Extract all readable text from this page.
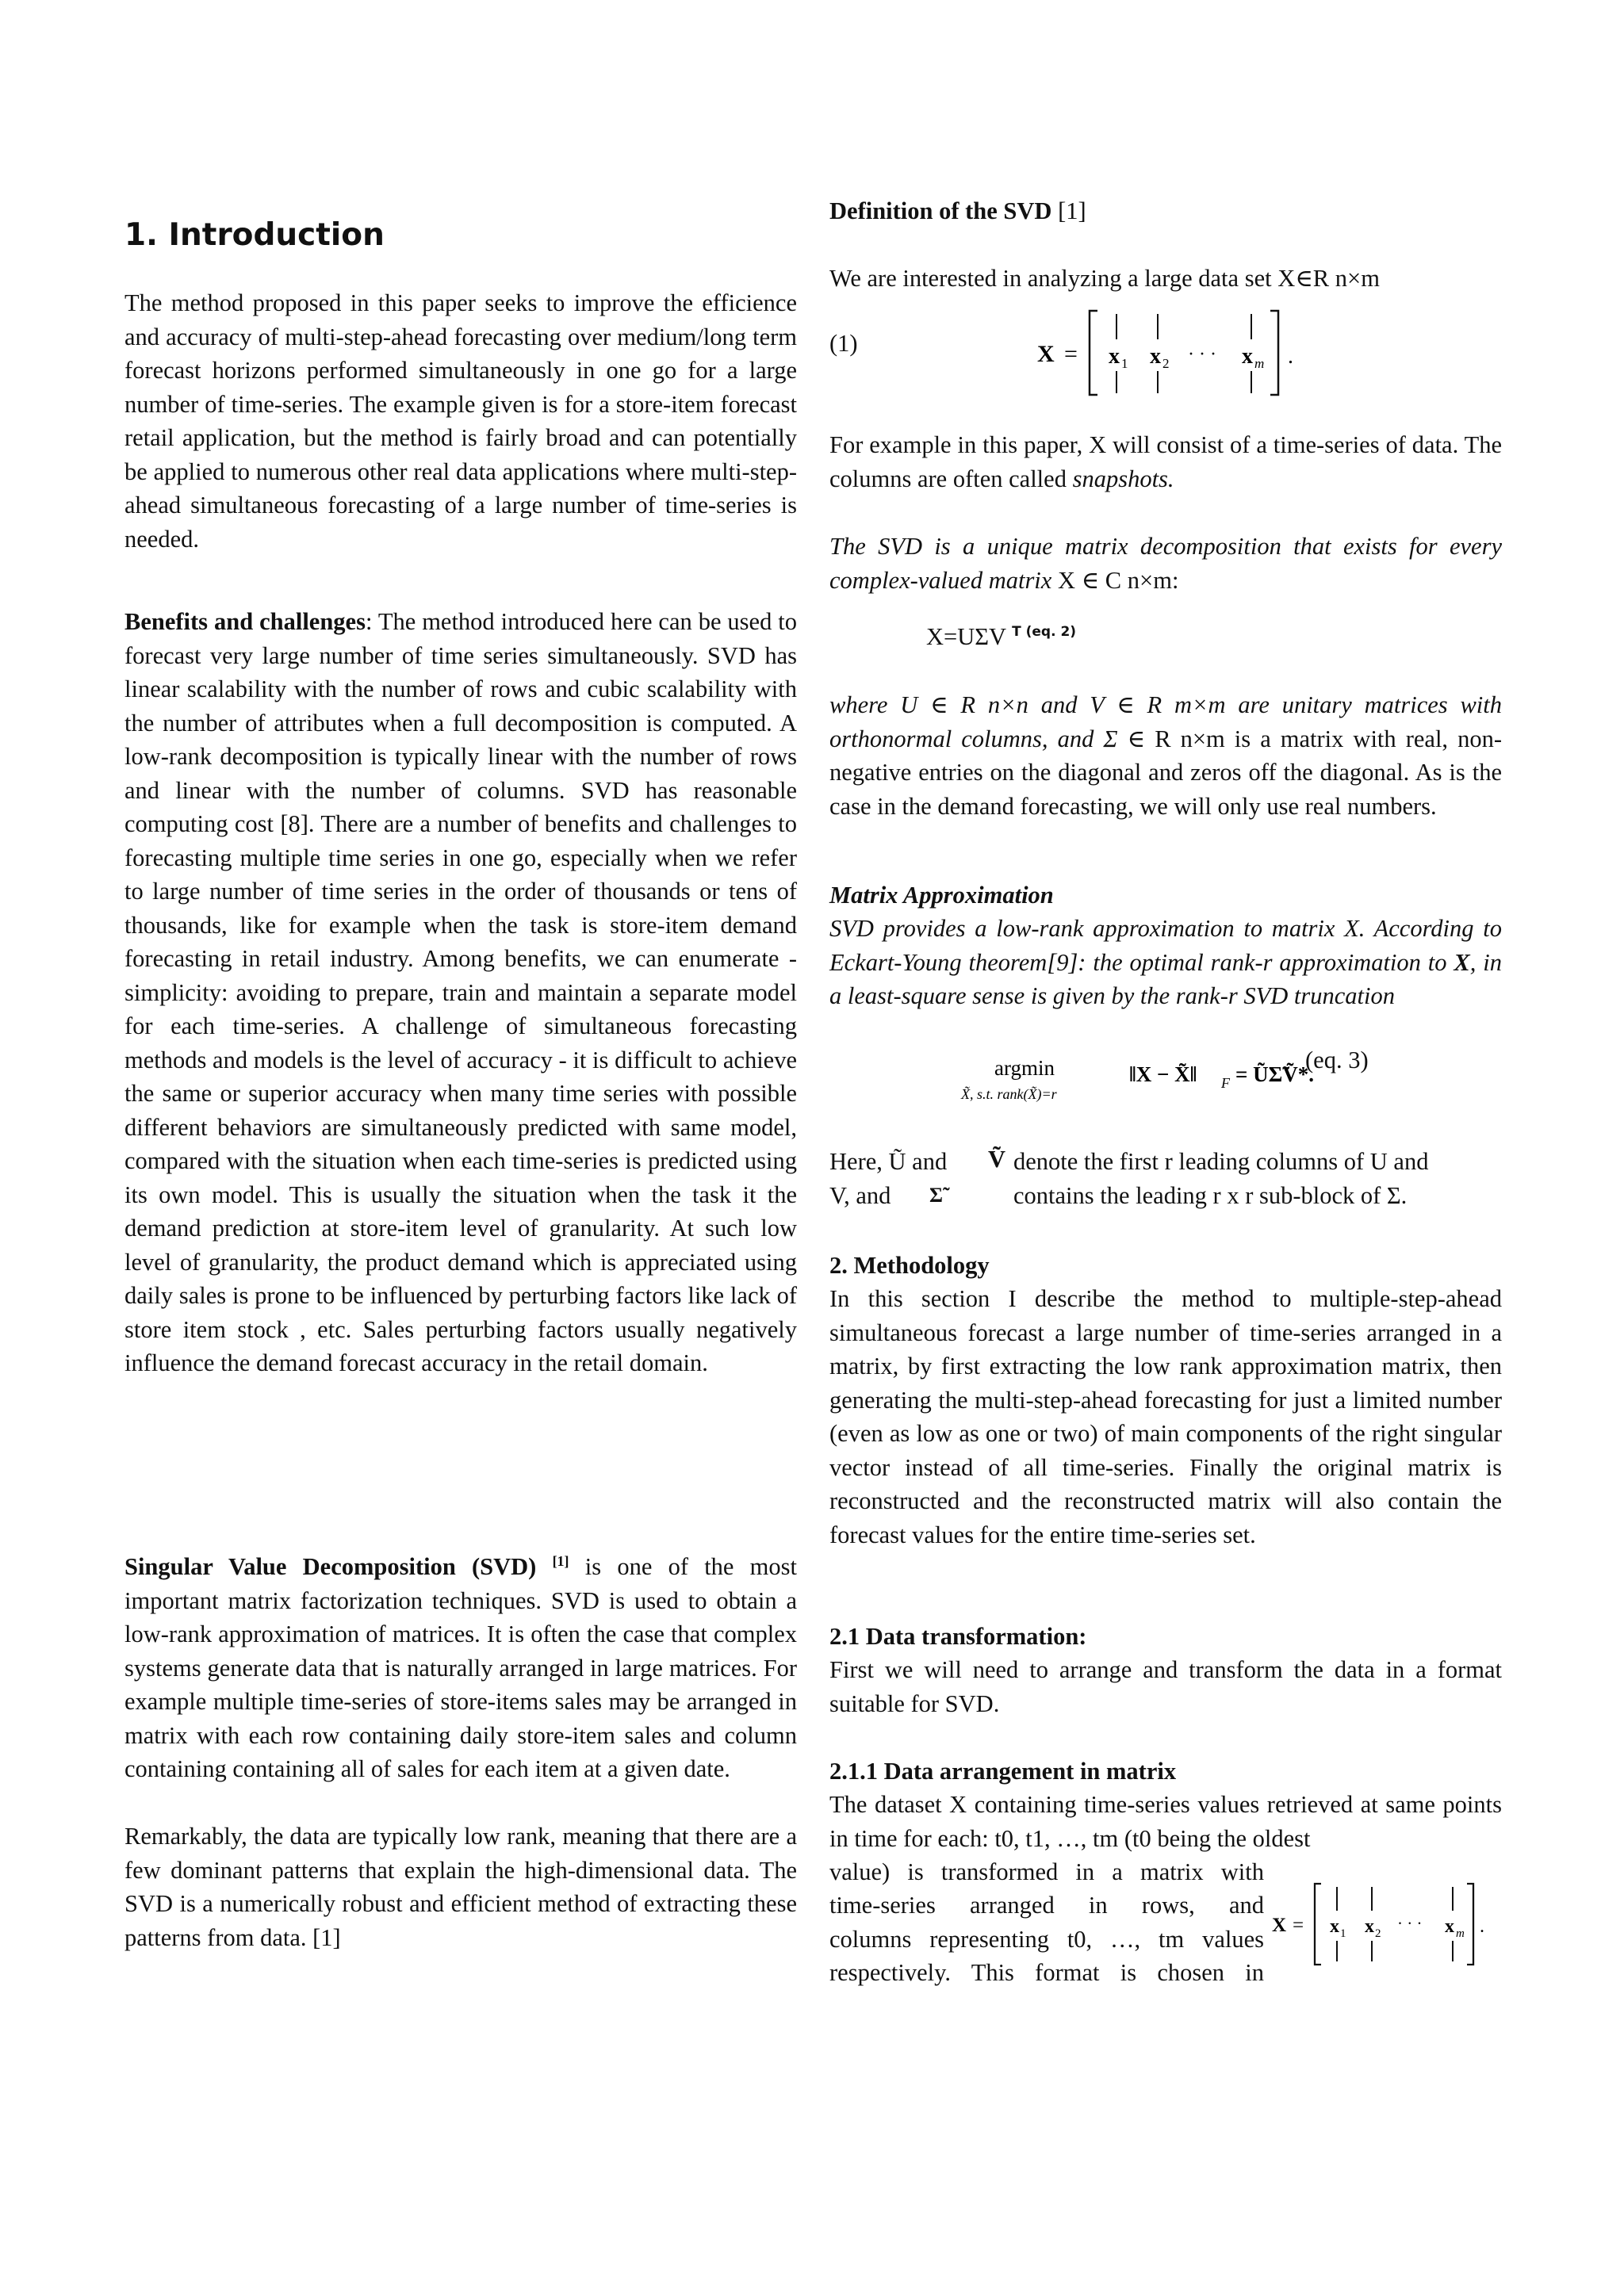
1. Introduction

The method proposed in this paper seeks to improve the efficience and accuracy of multi-step-ahead forecasting over medium/long term forecast horizons performed simultaneously in one go for a large number of time-series. The example given is for a store-item forecast retail application, but the method is fairly broad and can potentially be applied to numerous other real data applications where multi-step-ahead simultaneous forecasting of a large number of time-series is needed.

Benefits and challenges: The method introduced here can be used to forecast very large number of time series simultaneously. SVD has linear scalability with the number of rows and cubic scalability with the number of attributes when a full decomposition is computed. A low-rank decomposition is typically linear with the number of rows and linear with the number of columns. SVD has reasonable computing cost [8]. There are a number of benefits and challenges to forecasting multiple time series in one go, especially when we refer to large number of time series in the order of thousands or tens of thousands, like for example when the task is store-item demand forecasting in retail industry. Among benefits, we can enumerate - simplicity: avoiding to prepare, train and maintain a separate model for each time-series. A challenge of simultaneous forecasting methods and models is the level of accuracy - it is difficult to achieve the same or superior accuracy when many time series with possible different behaviors are simultaneously predicted with same model, compared with the situation when each time-series is predicted using its own model. This is usually the situation when the task it the demand prediction at store-item level of granularity. At such low level of granularity, the product demand which is appreciated using daily sales is prone to be influenced by perturbing factors like lack of store item stock , etc. Sales perturbing factors usually negatively influence the demand forecast accuracy in the retail domain.

Singular Value Decomposition (SVD) [1] is one of the most important matrix factorization techniques. SVD is used to obtain a low-rank approximation of matrices. It is often the case that complex systems generate data that is naturally arranged in large matrices. For example multiple time-series of store-items sales may be arranged in matrix with each row containing daily store-item sales and column containing containing all of sales for each item at a given date.

Remarkably, the data are typically low rank, meaning that there are a few dominant patterns that explain the high-dimensional data. The SVD is a numerically robust and efficient method of extracting these patterns from data. [1]

Definition of the SVD [1]

We are interested in analyzing a large data set X∈R n×m

(1)	X = x 1 x 2 · · · x m .

For example in this paper, X will consist of a time-series of data. The columns are often called snapshots.

The SVD is a unique matrix decomposition that exists for every complex-valued matrix X ∈ C n×m:

X=UΣV $^{T (eq. 2)}$

where U ∈ R n×n and V ∈ R m×m are unitary matrices with orthonormal columns, and Σ ∈ R n×m is a matrix with real, non-negative entries on the diagonal and zeros off the diagonal. As is the case in the demand forecasting, we will only use real numbers.

Matrix Approximation

SVD provides a low-rank approximation to matrix X. According to Eckart-Young theorem[9]: the optimal rank-r approximation to X, in a least-square sense is given by the rank-r SVD truncation

argmin
X̃, s.t. rank(X̃)=r
‖X − X̃‖ F = ŨΣ̃Ṽ*.
(eq. 3)
Here, Ũ and Ṽ denote the first r leading columns of U and
V, and Σ̃	contains the leading r x r sub-block of Σ.

2. Methodology

In this section I describe the method to multiple-step-ahead simultaneous forecast a large number of time-series arranged in a matrix, by first extracting the low rank approximation matrix, then generating the multi-step-ahead forecasting for just a limited number (even as low as one or two) of main components of the right singular vector instead of all time-series. Finally the original matrix is reconstructed and the reconstructed matrix will also contain the forecast values for the entire time-series set.

2.1 Data transformation:

First we will need to arrange and transform the data in a format suitable for SVD.

2.1.1 Data arrangement in matrix

The dataset X containing time-series values retrieved at same points in time for each: t0, t1, …, tm (t0 being the oldest

value) is transformed in a matrix with

time-series arranged in rows, and

columns representing t0, …, tm values

respectively. This format is chosen in

X = x 1 x 2
· · · x m .
